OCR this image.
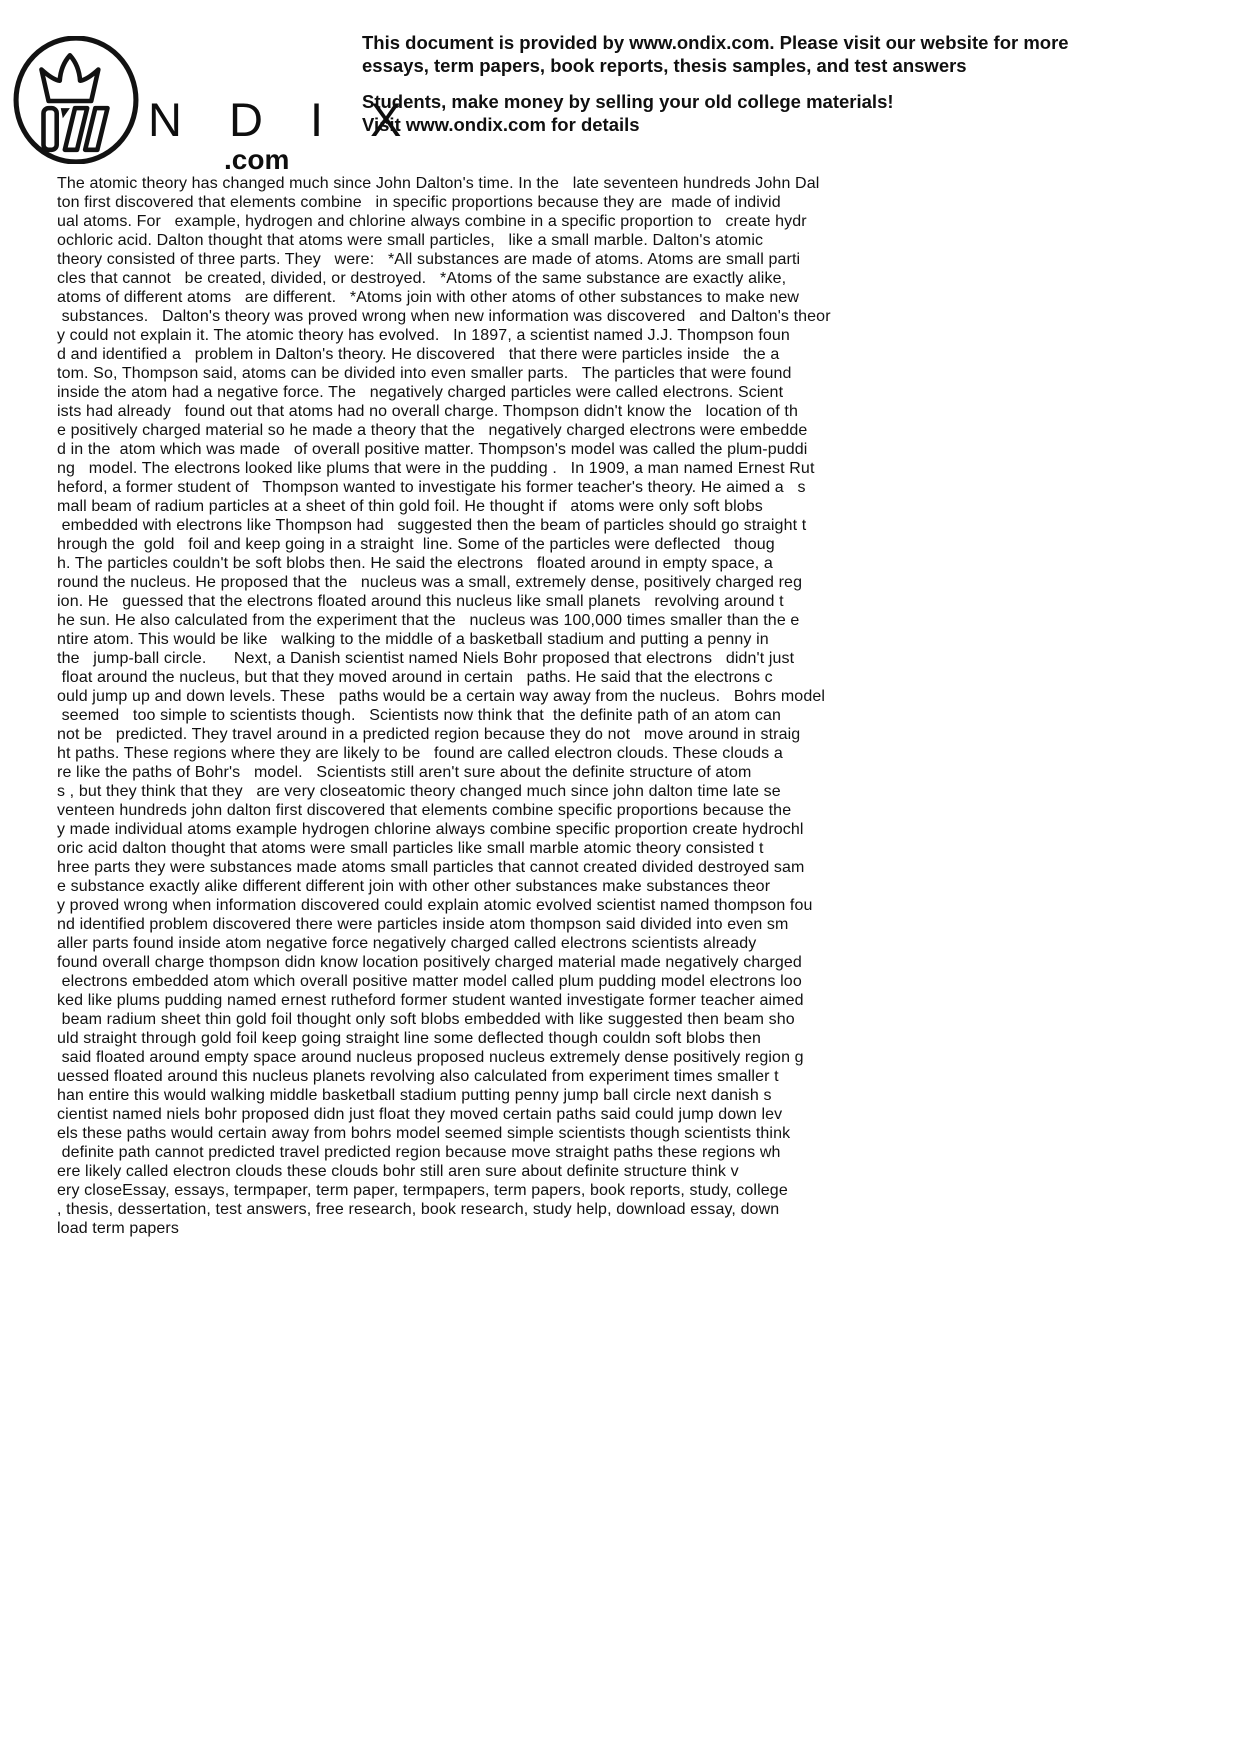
N D I X
.com
This document is provided by www.ondix.com. Please visit our website for more essays, term papers, book reports, thesis samples, and test answers
Students, make money by selling your old college materials!
Visit www.ondix.com for details
The atomic theory has changed much since John Dalton's time. In the   late seventeen hundreds John Dal
ton first discovered that elements combine   in specific proportions because they are  made of individ
ual atoms. For   example, hydrogen and chlorine always combine in a specific proportion to   create hydr
ochloric acid. Dalton thought that atoms were small particles,   like a small marble. Dalton's atomic
theory consisted of three parts. They   were:   *All substances are made of atoms. Atoms are small parti
cles that cannot   be created, divided, or destroyed.   *Atoms of the same substance are exactly alike,
atoms of different atoms   are different.   *Atoms join with other atoms of other substances to make new
substances.   Dalton's theory was proved wrong when new information was discovered   and Dalton's theor
y could not explain it. The atomic theory has evolved.   In 1897, a scientist named J.J. Thompson foun
d and identified a   problem in Dalton's theory. He discovered   that there were particles inside   the a
tom. So, Thompson said, atoms can be divided into even smaller parts.   The particles that were found
inside the atom had a negative force. The   negatively charged particles were called electrons. Scient
ists had already   found out that atoms had no overall charge. Thompson didn't know the   location of th
e positively charged material so he made a theory that the   negatively charged electrons were embedde
d in the  atom which was made   of overall positive matter. Thompson's model was called the plum-puddi
ng   model. The electrons looked like plums that were in the pudding .   In 1909, a man named Ernest Rut
heford, a former student of   Thompson wanted to investigate his former teacher's theory. He aimed a   s
mall beam of radium particles at a sheet of thin gold foil. He thought if   atoms were only soft blobs
embedded with electrons like Thompson had   suggested then the beam of particles should go straight t
hrough the  gold   foil and keep going in a straight  line. Some of the particles were deflected   thoug
h. The particles couldn't be soft blobs then. He said the electrons   floated around in empty space, a
round the nucleus. He proposed that the   nucleus was a small, extremely dense, positively charged reg
ion. He   guessed that the electrons floated around this nucleus like small planets   revolving around t
he sun. He also calculated from the experiment that the   nucleus was 100,000 times smaller than the e
ntire atom. This would be like   walking to the middle of a basketball stadium and putting a penny in
the   jump-ball circle.      Next, a Danish scientist named Niels Bohr proposed that electrons   didn't just
float around the nucleus, but that they moved around in certain   paths. He said that the electrons c
ould jump up and down levels. These   paths would be a certain way away from the nucleus.   Bohrs model
seemed   too simple to scientists though.   Scientists now think that  the definite path of an atom can
not be   predicted. They travel around in a predicted region because they do not   move around in straig
ht paths. These regions where they are likely to be   found are called electron clouds. These clouds a
re like the paths of Bohr's   model.   Scientists still aren't sure about the definite structure of atom
s , but they think that they   are very closeatomic theory changed much since john dalton time late se
venteen hundreds john dalton first discovered that elements combine specific proportions because the
y made individual atoms example hydrogen chlorine always combine specific proportion create hydrochl
oric acid dalton thought that atoms were small particles like small marble atomic theory consisted t
hree parts they were substances made atoms small particles that cannot created divided destroyed sam
e substance exactly alike different different join with other other substances make substances theor
y proved wrong when information discovered could explain atomic evolved scientist named thompson fou
nd identified problem discovered there were particles inside atom thompson said divided into even sm
aller parts found inside atom negative force negatively charged called electrons scientists already
found overall charge thompson didn know location positively charged material made negatively charged
electrons embedded atom which overall positive matter model called plum pudding model electrons loo
ked like plums pudding named ernest rutheford former student wanted investigate former teacher aimed
beam radium sheet thin gold foil thought only soft blobs embedded with like suggested then beam sho
uld straight through gold foil keep going straight line some deflected though couldn soft blobs then
said floated around empty space around nucleus proposed nucleus extremely dense positively region g
uessed floated around this nucleus planets revolving also calculated from experiment times smaller t
han entire this would walking middle basketball stadium putting penny jump ball circle next danish s
cientist named niels bohr proposed didn just float they moved certain paths said could jump down lev
els these paths would certain away from bohrs model seemed simple scientists though scientists think
definite path cannot predicted travel predicted region because move straight paths these regions wh
ere likely called electron clouds these clouds bohr still aren sure about definite structure think v
ery closeEssay, essays, termpaper, term paper, termpapers, term papers, book reports, study, college
, thesis, dessertation, test answers, free research, book research, study help, download essay, down
load term papers
